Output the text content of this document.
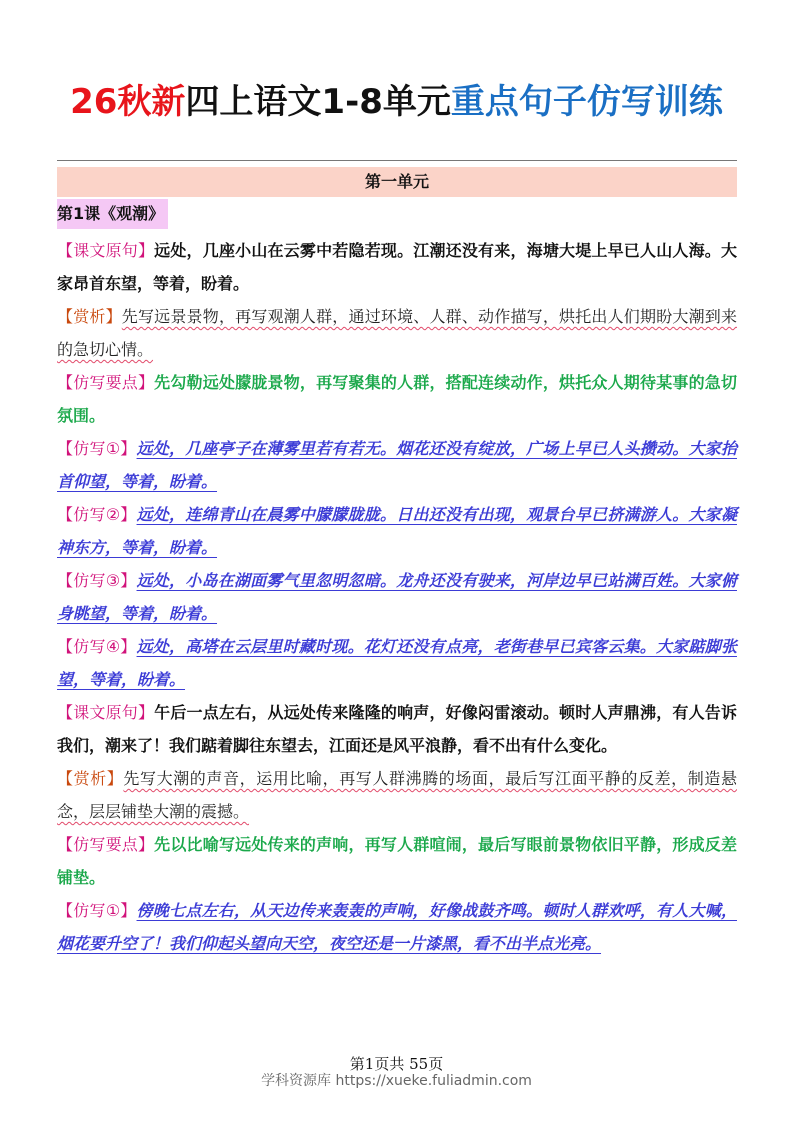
26秋新四上语文1-8单元重点句子仿写训练
第一单元
第1课《观潮》

【课文原句】远处，几座小山在云雾中若隐若现。江潮还没有来，海塘大堤上早已人山人海。大家昂首东望，等着，盼着。

【赏析】先写远景景物，再写观潮人群，通过环境、人群、动作描写，烘托出人们期盼大潮到来的急切心情。

【仿写要点】先勾勒远处朦胧景物，再写聚集的人群，搭配连续动作，烘托众人期待某事的急切氛围。

【仿写①】远处，几座亭子在薄雾里若有若无。烟花还没有绽放，广场上早已人头攒动。大家抬首仰望，等着，盼着。

【仿写②】远处，连绵青山在晨雾中朦朦胧胧。日出还没有出现，观景台早已挤满游人。大家凝神东方，等着，盼着。

【仿写③】远处，小岛在湖面雾气里忽明忽暗。龙舟还没有驶来，河岸边早已站满百姓。大家俯身眺望，等着，盼着。

【仿写④】远处，高塔在云层里时藏时现。花灯还没有点亮，老街巷早已宾客云集。大家踮脚张望，等着，盼着。

【课文原句】午后一点左右，从远处传来隆隆的响声，好像闷雷滚动。顿时人声鼎沸，有人告诉我们，潮来了！我们踮着脚往东望去，江面还是风平浪静，看不出有什么变化。

【赏析】先写大潮的声音，运用比喻，再写人群沸腾的场面，最后写江面平静的反差，制造悬念，层层铺垫大潮的震撼。

【仿写要点】先以比喻写远处传来的声响，再写人群喧闹，最后写眼前景物依旧平静，形成反差铺垫。

【仿写①】傍晚七点左右，从天边传来轰轰的声响，好像战鼓齐鸣。顿时人群欢呼，有人大喊，烟花要升空了！我们仰起头望向天空，夜空还是一片漆黑，看不出半点光亮。

第1页共 55页
学科资源库 https://xueke.fuliadmin.com
